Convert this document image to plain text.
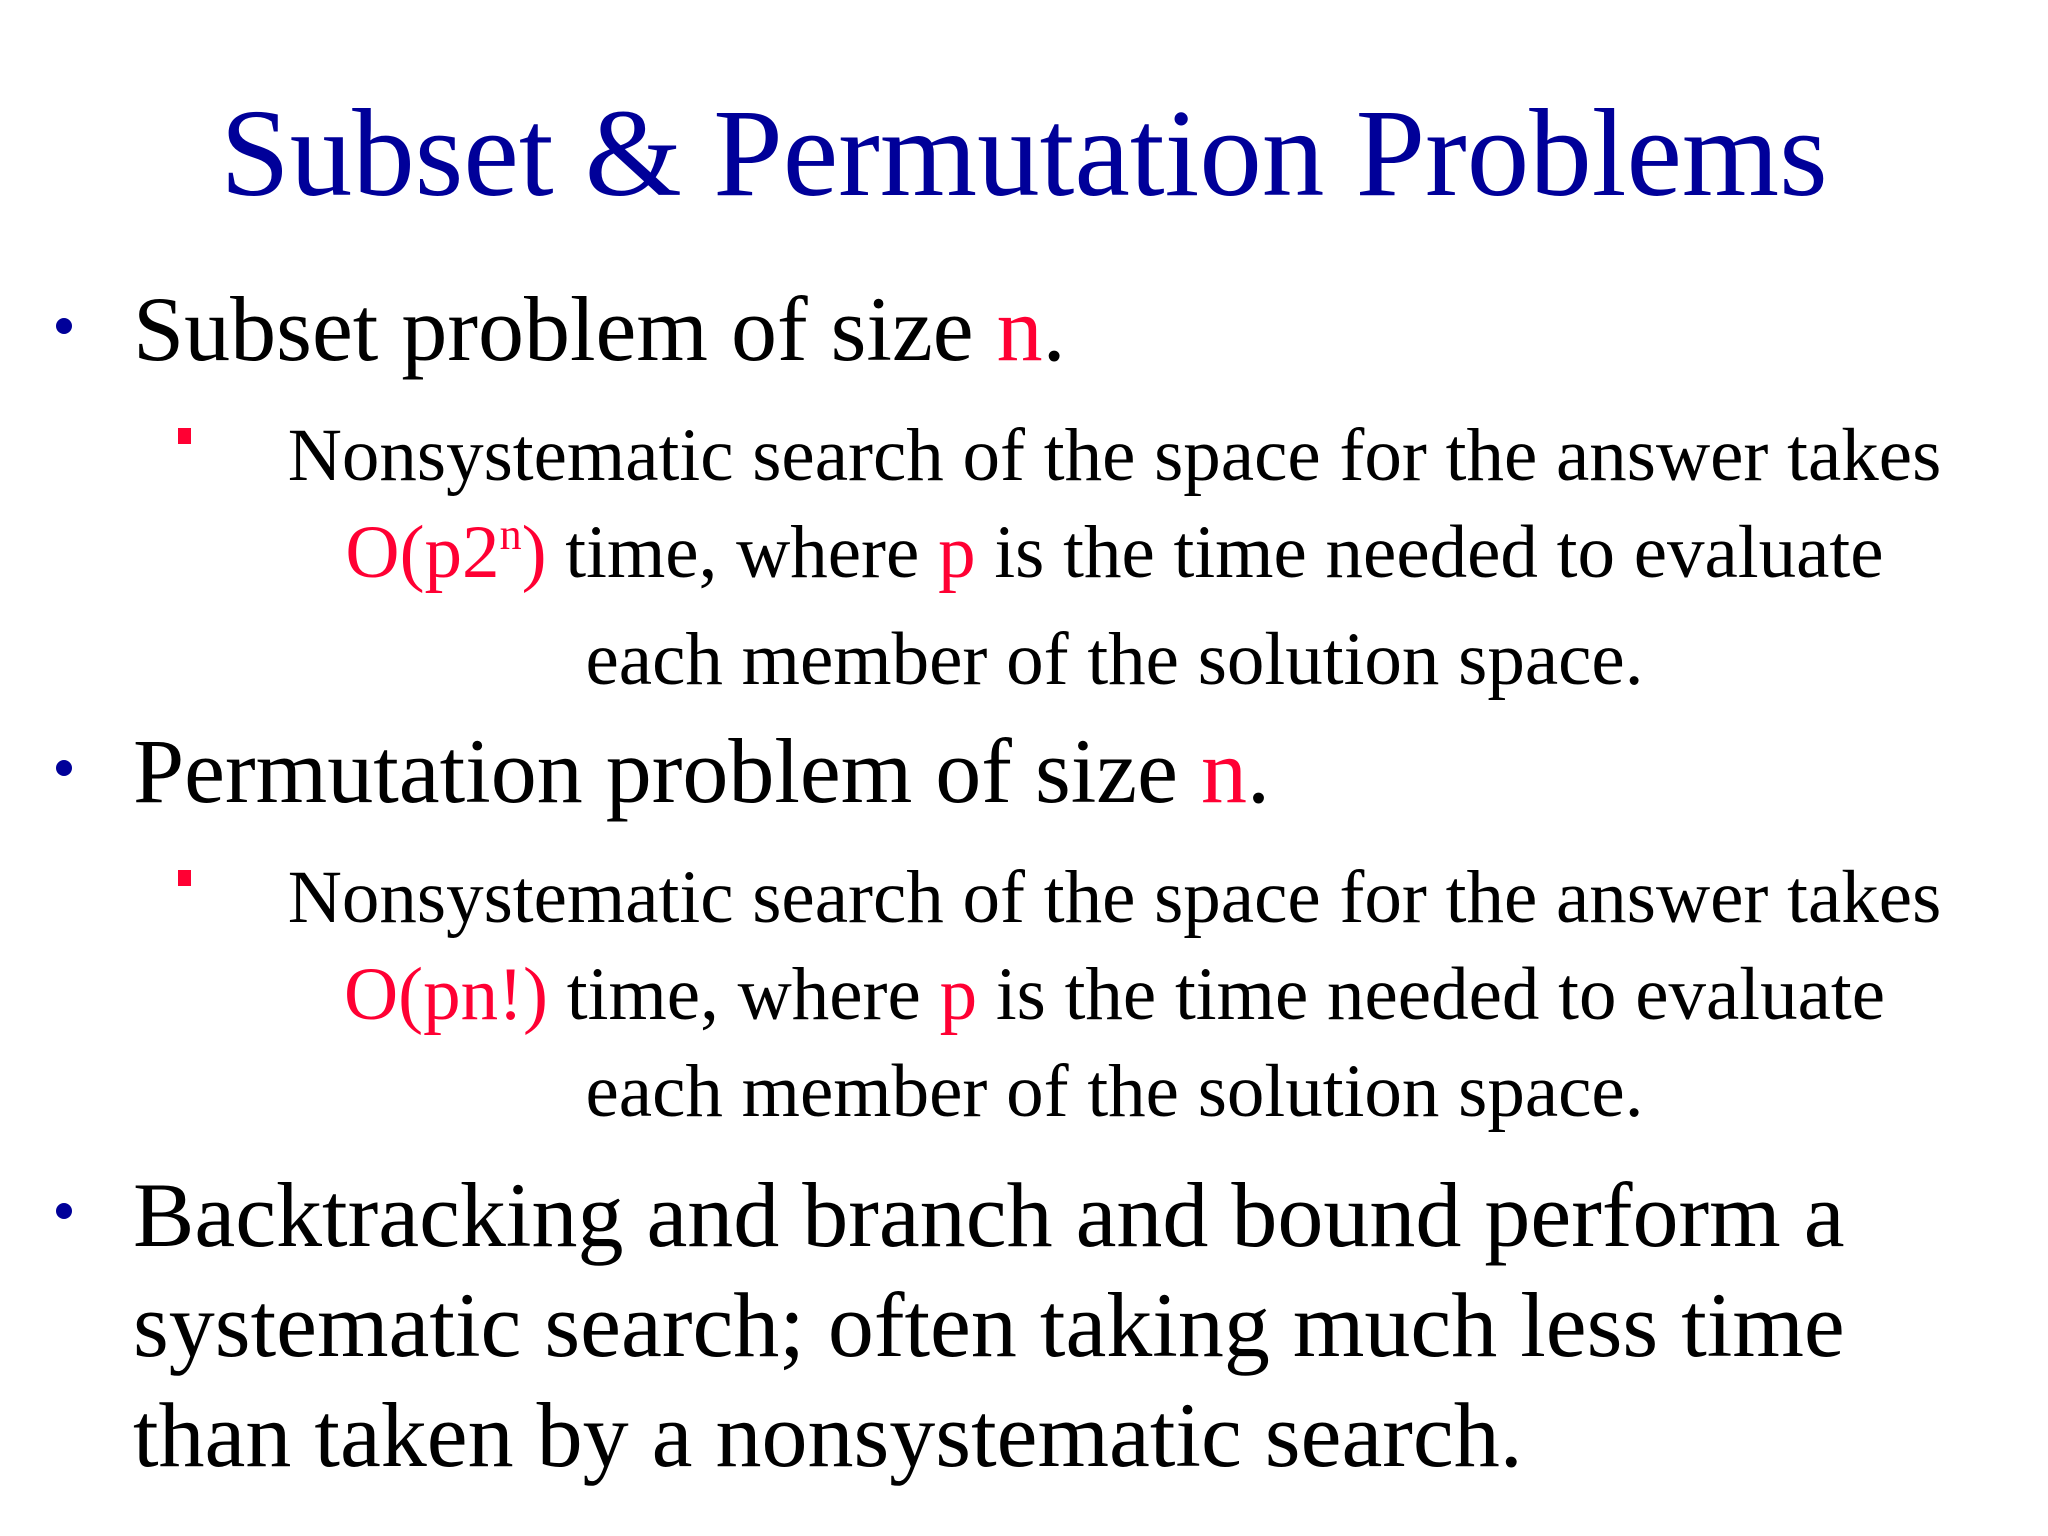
Subset & Permutation Problems
Subset problem of size n.
Nonsystematic search of the space for the answer takes
O(p2$^n$) time, where p is the time needed to evaluate
each member of the solution space.
Permutation problem of size n.
Nonsystematic search of the space for the answer takes
O(pn!) time, where p is the time needed to evaluate
each member of the solution space.
Backtracking and branch and bound perform a
systematic search; often taking much less time
than taken by a nonsystematic search.
